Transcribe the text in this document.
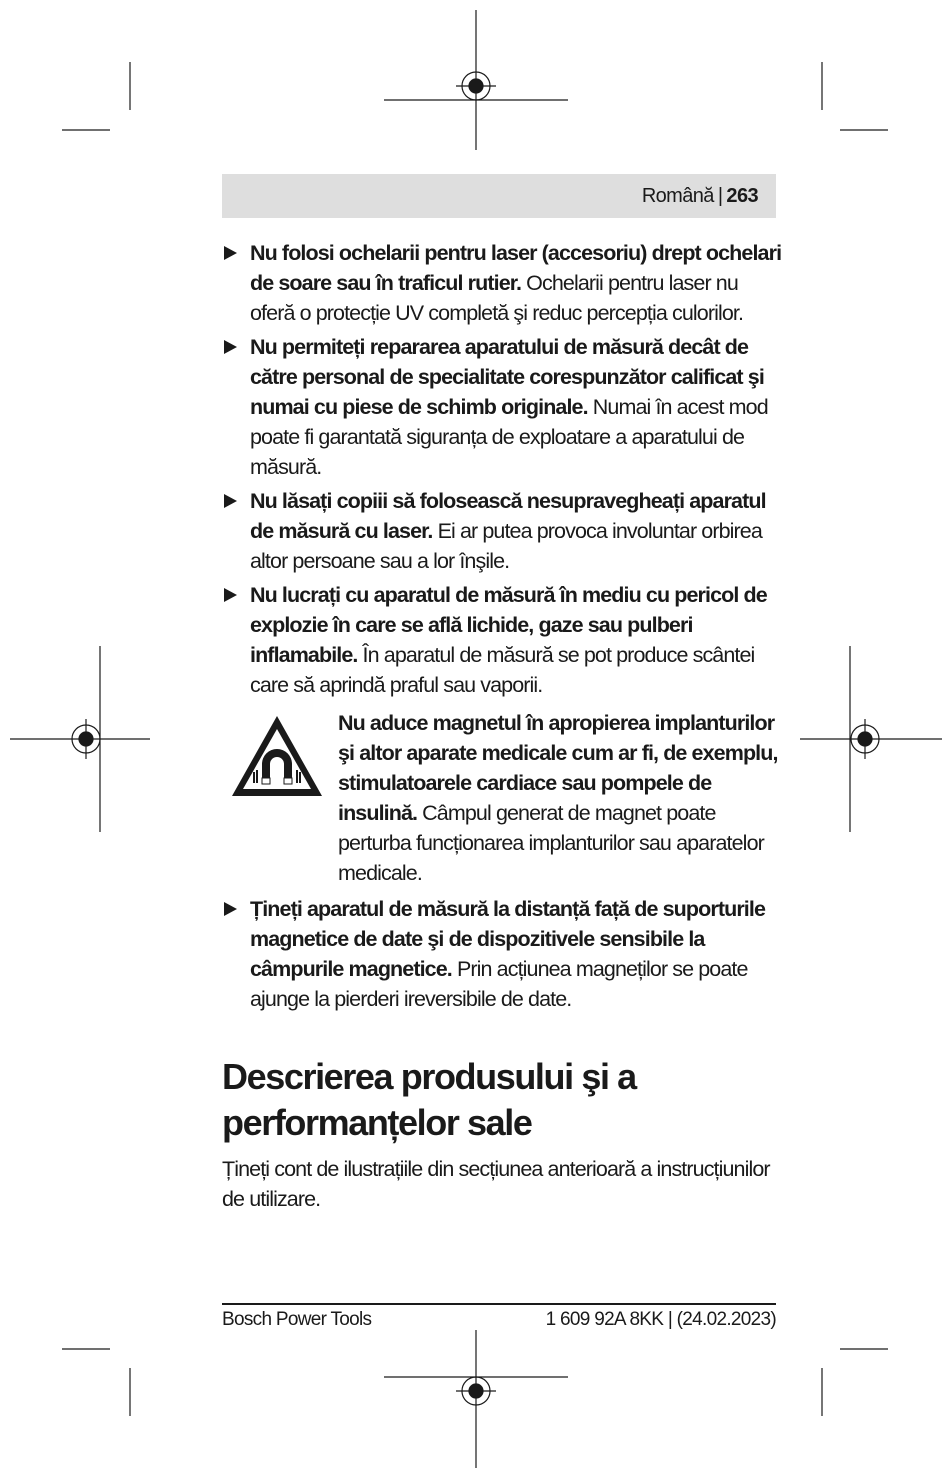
Română | 263
Nu folosi ochelarii pentru laser (accesoriu) drept ochelari de soare sau în traficul rutier. Ochelarii pentru laser nu oferă o protecție UV completă şi reduc percepția culorilor.
Nu permiteți repararea aparatului de măsură decât de către personal de specialitate corespunzător calificat şi numai cu piese de schimb originale. Numai în acest mod poate fi garantată siguranța de exploatare a aparatului de măsură.
Nu lăsați copiii să folosească nesupravegheați aparatul de măsură cu laser. Ei ar putea provoca involuntar orbirea altor persoane sau a lor înşile.
Nu lucrați cu aparatul de măsură în mediu cu pericol de explozie în care se află lichide, gaze sau pulberi inflamabile. În aparatul de măsură se pot produce scântei care să aprindă praful sau vaporii.
Nu aduce magnetul în apropierea implanturilor şi altor aparate medicale cum ar fi, de exemplu, stimulatoarele cardiace sau pompele de insulină. Câmpul generat de magnet poate perturba funcționarea implanturilor sau aparatelor medicale.
Țineți aparatul de măsură la distanță față de suporturile magnetice de date şi de dispozitivele sensibile la câmpurile magnetice. Prin acțiunea magneților se poate ajunge la pierderi ireversibile de date.
Descrierea produsului şi a performanțelor sale
Țineți cont de ilustrațiile din secțiunea anterioară a instrucțiunilor de utilizare.
Bosch Power Tools	1 609 92A 8KK | (24.02.2023)
